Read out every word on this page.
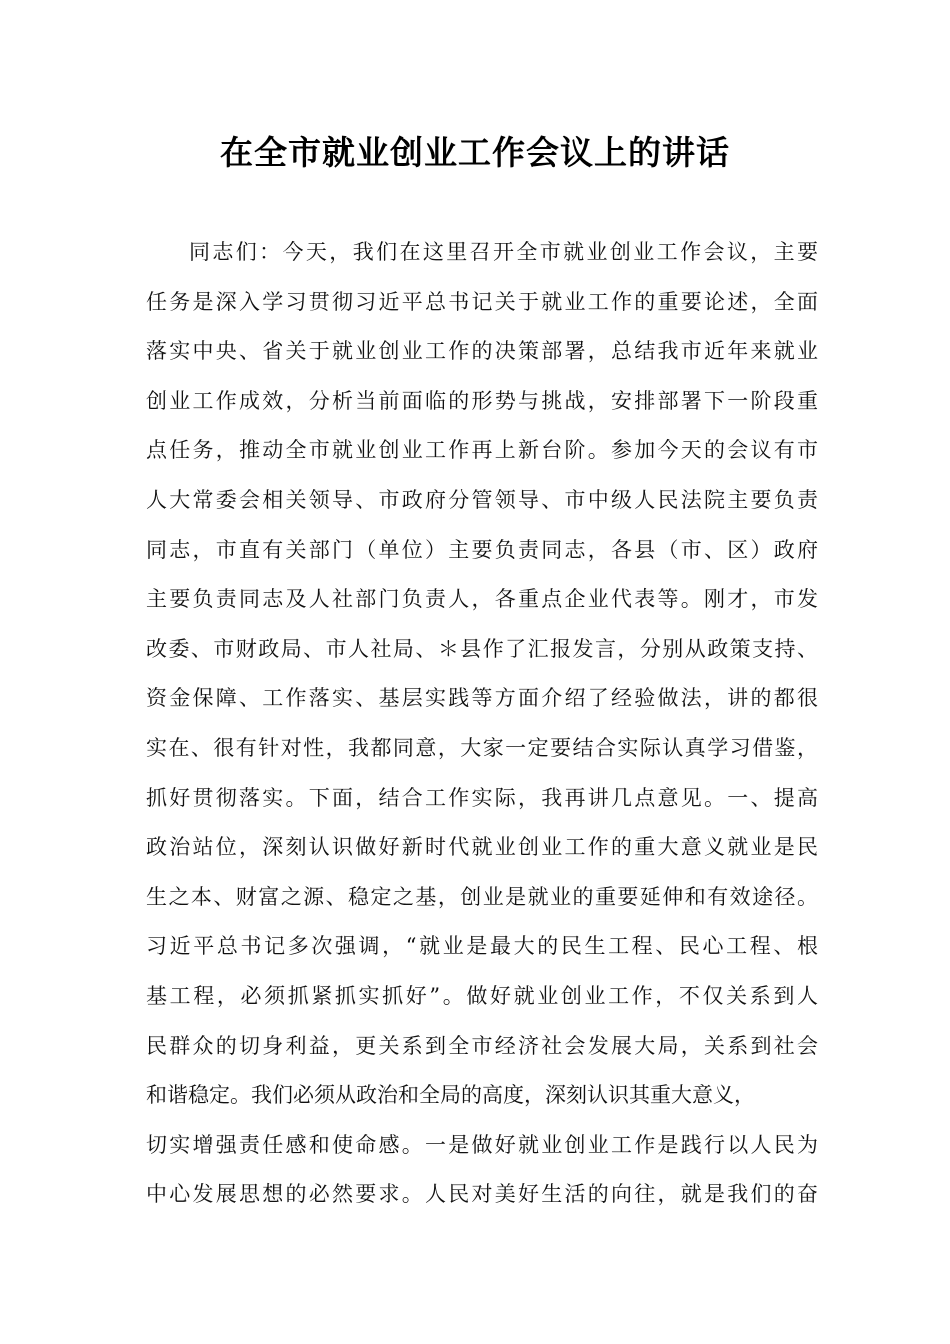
在全市就业创业工作会议上的讲话
同志们：今天，我们在这里召开全市就业创业工作会议，主要
任务是深入学习贯彻习近平总书记关于就业工作的重要论述，全面
落实中央、省关于就业创业工作的决策部署，总结我市近年来就业
创业工作成效，分析当前面临的形势与挑战，安排部署下一阶段重
点任务，推动全市就业创业工作再上新台阶。参加今天的会议有市
人大常委会相关领导、市政府分管领导、市中级人民法院主要负责
同志，市直有关部门（单位）主要负责同志，各县（市、区）政府
主要负责同志及人社部门负责人，各重点企业代表等。刚才，市发
改委、市财政局、市人社局、＊县作了汇报发言，分别从政策支持、
资金保障、工作落实、基层实践等方面介绍了经验做法，讲的都很
实在、很有针对性，我都同意，大家一定要结合实际认真学习借鉴，
抓好贯彻落实。下面，结合工作实际，我再讲几点意见。一、提高
政治站位，深刻认识做好新时代就业创业工作的重大意义就业是民
生之本、财富之源、稳定之基，创业是就业的重要延伸和有效途径。
习近平总书记多次强调，“就业是最大的民生工程、民心工程、根
基工程，必须抓紧抓实抓好”。做好就业创业工作，不仅关系到人
民群众的切身利益，更关系到全市经济社会发展大局，关系到社会
和谐稳定。我们必须从政治和全局的高度，深刻认识其重大意义，
切实增强责任感和使命感。一是做好就业创业工作是践行以人民为
中心发展思想的必然要求。人民对美好生活的向往，就是我们的奋
